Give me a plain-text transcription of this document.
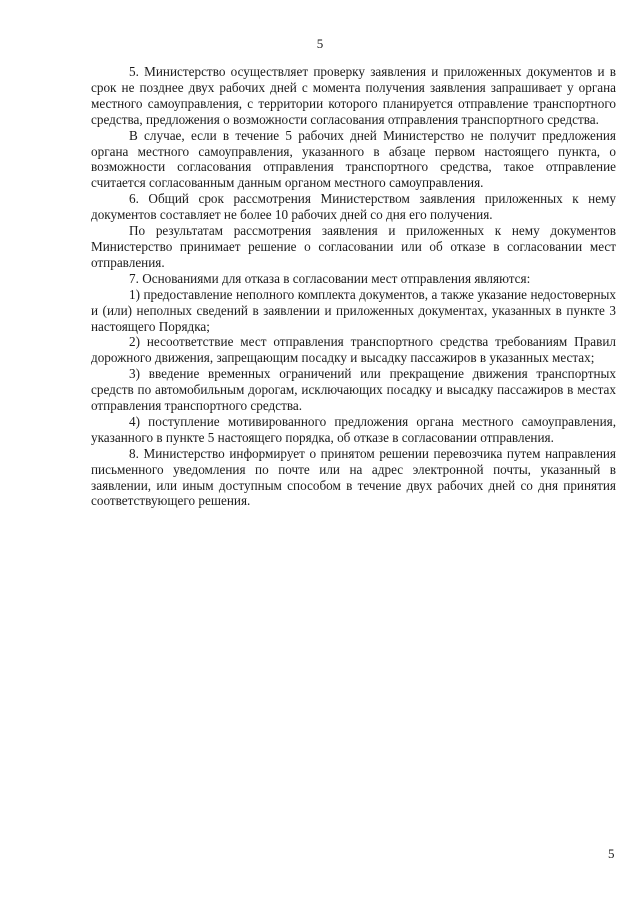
5

5. Министерство осуществляет проверку заявления и приложенных документов и в срок не позднее двух рабочих дней с момента получения заявления запрашивает у органа местного самоуправления, с территории которого планируется отправление транспортного средства, предложения о возможности согласования отправления транспортного средства.

В случае, если в течение 5 рабочих дней Министерство не получит предложения органа местного самоуправления, указанного в абзаце первом настоящего пункта, о возможности согласования отправления транспортного средства, такое отправление считается согласованным данным органом местного самоуправления.

6. Общий срок рассмотрения Министерством заявления приложенных к нему документов составляет не более 10 рабочих дней со дня его получения.

По результатам рассмотрения заявления и приложенных к нему документов Министерство принимает решение о согласовании или об отказе в согласовании мест отправления.

7. Основаниями для отказа в согласовании мест отправления являются:

1) предоставление неполного комплекта документов, а также указание недостоверных и (или) неполных сведений в заявлении и приложенных документах, указанных в пункте 3 настоящего Порядка;

2) несоответствие мест отправления транспортного средства требованиям Правил дорожного движения, запрещающим посадку и высадку пассажиров в указанных местах;

3) введение временных ограничений или прекращение движения транспортных средств по автомобильным дорогам, исключающих посадку и высадку пассажиров в местах отправления транспортного средства.

4) поступление мотивированного предложения органа местного самоуправления, указанного в пункте 5 настоящего порядка, об отказе в согласовании отправления.

8. Министерство информирует о принятом решении перевозчика путем направления письменного уведомления по почте или на адрес электронной почты, указанный в заявлении, или иным доступным способом в течение двух рабочих дней со дня принятия соответствующего решения.

5
